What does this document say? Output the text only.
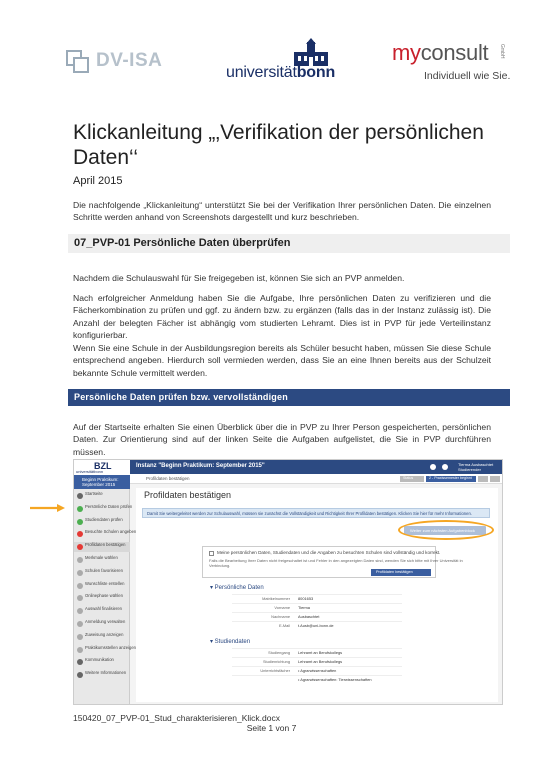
DV-ISA
universitätbonn
myconsult GmbH
Individuell wie Sie.
Klickanleitung „‚Verifikation der persönlichen Daten‘‘
April 2015
Die nachfolgende „Klickanleitung“ unterstützt Sie bei der Verifikation Ihrer persönlichen Daten. Die einzelnen Schritte werden anhand von Screenshots dargestellt und kurz beschrieben.
07_PVP-01 Persönliche Daten überprüfen
Nachdem die Schulauswahl für Sie freigegeben ist, können Sie sich an PVP anmelden.
Nach erfolgreicher Anmeldung haben Sie die Aufgabe, Ihre persönlichen Daten zu verifizieren und die Fächerkombination zu prüfen und ggf. zu ändern bzw. zu ergänzen (falls das in der Instanz zulässig ist). Die Anzahl der belegten Fächer ist abhängig vom studierten Lehramt. Dies ist in PVP für jede Verteilinstanz konfigurierbar.
Wenn Sie eine Schule in der Ausbildungsregion bereits als Schüler besucht haben, müssen Sie diese Schule entsprechend angeben. Hierdurch soll vermieden werden, dass Sie an eine Ihnen bereits aus der Schulzeit bekannte Schule vermittelt werden.
Persönliche Daten prüfen bzw. vervollständigen
Auf der Startseite erhalten Sie einen Überblick über die in PVP zu Ihrer Person gespeicherten, persönlichen Daten. Zur Orientierung sind auf der linken Seite die Aufgaben aufgelistet, die Sie in PVP durchführen müssen.
BZL
universitätbonn
Beginn Praktikum: September 2015
Startseite
Persönliche Daten prüfen
Studiendaten prüfen
Besuchte Schulen angeben
Profildaten bestätigen
Merkmale wählen
Schulen favorisieren
Wunschliste erstellen
Onlinephase wählen
Auswahl finalisieren
Anmeldung verwalten
Zuweisung anzeigen
Praktikumsstellen anzeigen
Kommunikation
Weitere Informationen
Instanz "Beginn Praktikum: September 2015"	Tierma Ausbaschtet
Studierender
Profildaten bestätigen	Status	2 - Praxissemester beginnt
Profildaten bestätigen
Damit Sie weitergeleitet werden zur Schulauswahl, müssen sie zunächst die Vollständigkeit und Richtigkeit Ihrer Profildaten bestätigen. Klicken Sie hier für mehr Informationen.
Weiter zum nächsten Aufgabenblock
Meine persönlichen Daten, Studiendaten und die Angaben zu besuchten Schulen sind vollständig und korrekt.
Falls die Bearbeitung Ihrer Daten nicht freigeschaltet ist und Fehler in den angezeigten Daten sind, wenden Sie sich bitte mit Ihrer Universität in
Verbindung.
Profildaten bestätigen
▾ Persönliche Daten
Matrikelnummer 8001653
Vorname Tierma
Nachname Ausbaschtet
E-Mail t.Ausb@uni-bonn.de
▾ Studiendaten
Studiengang Lehramt an Berufskollegs
Studienrichtung Lehramt an Berufskollegs
Unterrichtsfächer • Agrarwissenschaften
• Agrarwissenschaften: Tierwissenschaften
150420_07_PVP-01_Stud_charakterisieren_Klick.docx
Seite 1 von 7
